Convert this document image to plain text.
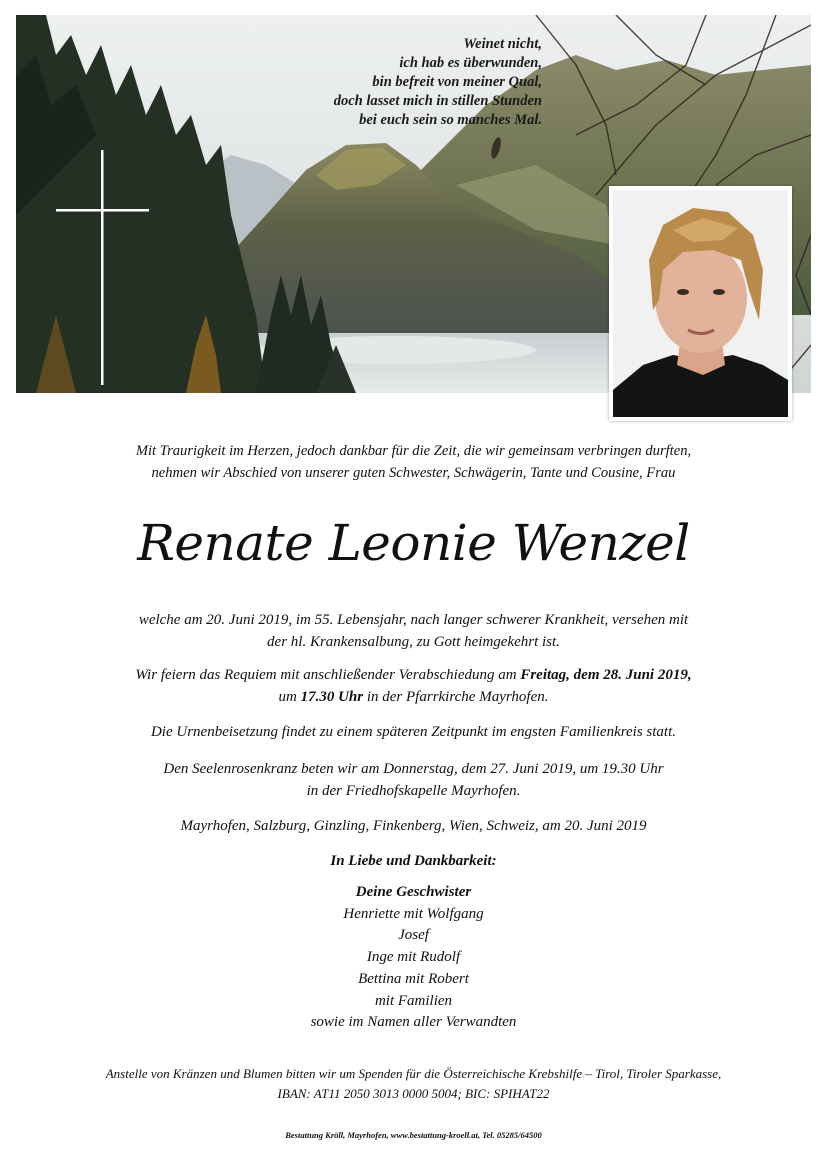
Weinet nicht,
ich hab es überwunden,
bin befreit von meiner Qual,
doch lasset mich in stillen Stunden
bei euch sein so manches Mal.
Mit Traurigkeit im Herzen, jedoch dankbar für die Zeit, die wir gemeinsam verbringen durften,
nehmen wir Abschied von unserer guten Schwester, Schwägerin, Tante und Cousine, Frau
Renate Leonie Wenzel
welche am 20. Juni 2019, im 55. Lebensjahr, nach langer schwerer Krankheit, versehen mit
der hl. Krankensalbung, zu Gott heimgekehrt ist.
Wir feiern das Requiem mit anschließender Verabschiedung am Freitag, dem 28. Juni 2019,
um 17.30 Uhr in der Pfarrkirche Mayrhofen.
Die Urnenbeisetzung findet zu einem späteren Zeitpunkt im engsten Familienkreis statt.
Den Seelenrosenkranz beten wir am Donnerstag, dem 27. Juni 2019, um 19.30 Uhr
in der Friedhofskapelle Mayrhofen.
Mayrhofen, Salzburg, Ginzling, Finkenberg, Wien, Schweiz, am 20. Juni 2019
In Liebe und Dankbarkeit:
Deine Geschwister
Henriette mit Wolfgang
Josef
Inge mit Rudolf
Bettina mit Robert
mit Familien
sowie im Namen aller Verwandten
Anstelle von Kränzen und Blumen bitten wir um Spenden für die Österreichische Krebshilfe – Tirol, Tiroler Sparkasse,
IBAN: AT11 2050 3013 0000 5004; BIC: SPIHAT22
Bestattung Kröll, Mayrhofen, www.bestattung-kroell.at, Tel. 05285/64500
